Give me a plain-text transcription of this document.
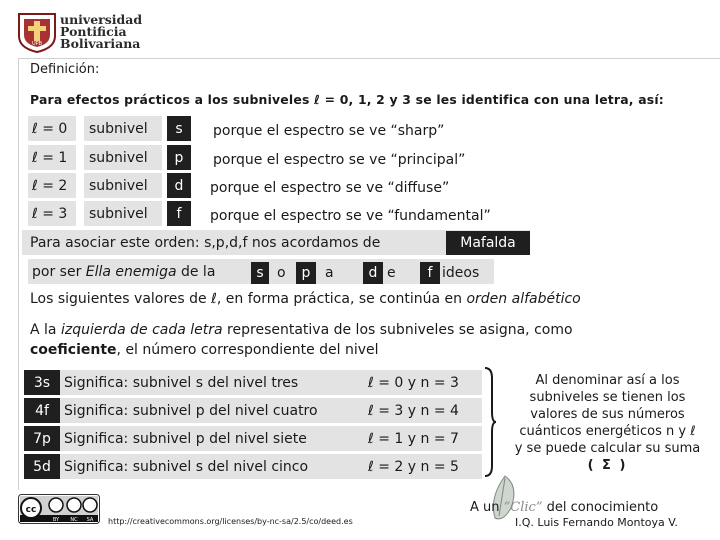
UPB
universidad
Pontificia
Bolivariana
Definición:
Para efectos prácticos a los subniveles ℓ = 0, 1, 2 y 3 se les identifica con una letra, así:
ℓ = 0	subnivel	s	porque el espectro se ve “sharp”
ℓ = 1	subnivel	p	porque el espectro se ve “principal”
ℓ = 2	subnivel	d	porque el espectro se ve “diffuse”
ℓ = 3	subnivel	f	porque el espectro se ve “fundamental”
Para asociar este orden: s,p,d,f nos acordamos de	Mafalda
por ser
Ella enemiga
de la	s o	p	a	d e	f ideos
Los siguientes valores de ℓ, en forma práctica, se continúa en orden alfabético
A la izquierda de cada letra representativa de los subniveles se asigna, como
coeficiente, el número correspondiente del nivel
3s Significa: subnivel s del nivel tres	ℓ = 0 y n = 3
4f	Significa: subnivel p del nivel cuatro	ℓ = 3 y n = 4
7p Significa: subnivel p del nivel siete	ℓ = 1 y n = 7
5d Significa: subnivel s del nivel cinco	ℓ = 2 y n = 5
Al denominar así a los
subniveles se tienen los
valores de sus números
cuánticos energéticos n y ℓ
y se puede calcular su suma
( Σ )
cc
BY NC SA http://creativecommons.org/licenses/by-nc-sa/2.5/co/deed.es
A un “Clic” del conocimiento
I.Q. Luis Fernando Montoya V.
